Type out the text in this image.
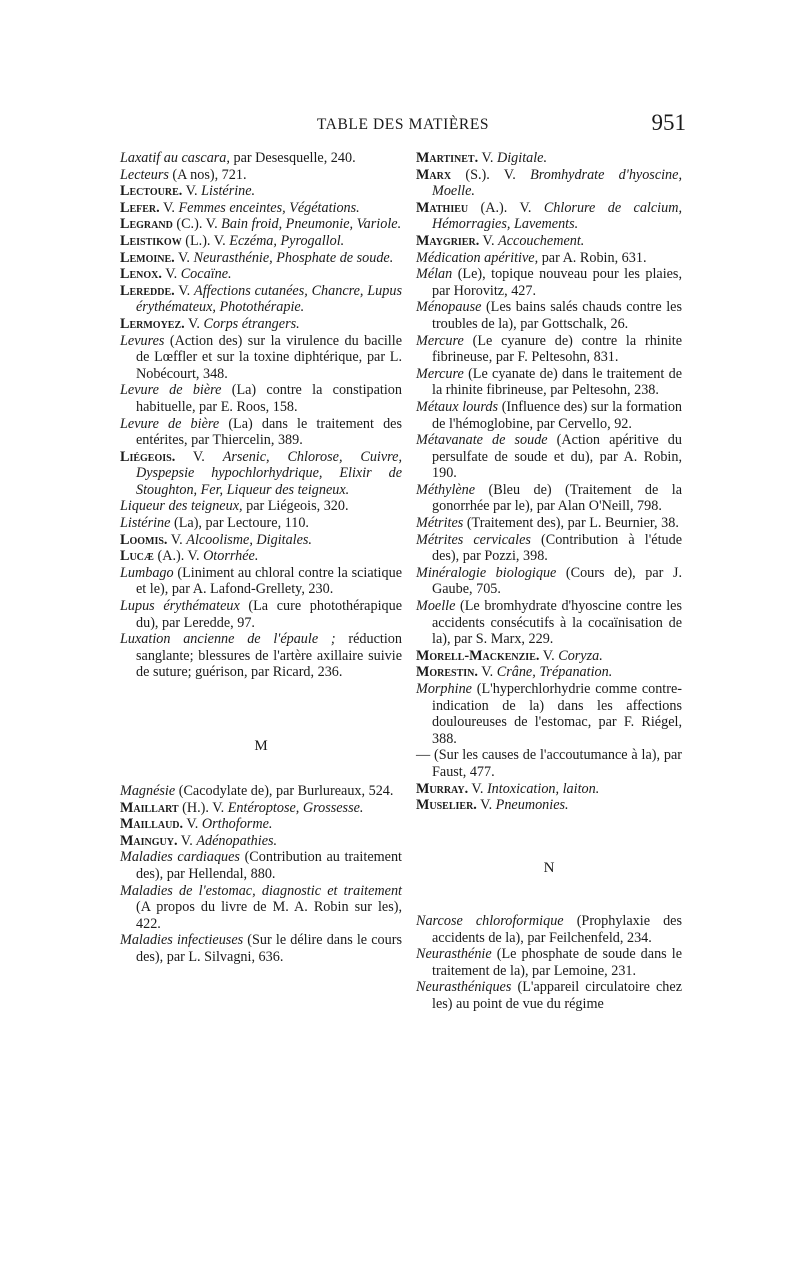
TABLE DES MATIÈRES	951

Laxatif au cascara, par Desesquelle, 240.

Lecteurs (A nos), 721.

Lectoure. V. Listérine.

Lefer. V. Femmes enceintes, Végétations.

Legrand (C.). V. Bain froid, Pneumonie, Variole.

Leistikow (L.). V. Eczéma, Pyrogallol.

Lemoine. V. Neurasthénie, Phosphate de soude.

Lenox. V. Cocaïne.

Leredde. V. Affections cutanées, Chancre, Lupus érythémateux, Photothérapie.

Lermoyez. V. Corps étrangers.

Levures (Action des) sur la virulence du bacille de Lœffler et sur la toxine diphtérique, par L. Nobécourt, 348.

Levure de bière (La) contre la constipation habituelle, par E. Roos, 158.

Levure de bière (La) dans le traitement des entérites, par Thiercelin, 389.

Liégeois. V. Arsenic, Chlorose, Cuivre, Dyspepsie hypochlorhydrique, Elixir de Stoughton, Fer, Liqueur des teigneux.

Liqueur des teigneux, par Liégeois, 320.

Listérine (La), par Lectoure, 110.

Loomis. V. Alcoolisme, Digitales.

Lucæ (A.). V. Otorrhée.

Lumbago (Liniment au chloral contre la sciatique et le), par A. Lafond-Grellety, 230.

Lupus érythémateux (La cure photothérapique du), par Leredde, 97.

Luxation ancienne de l'épaule ; réduction sanglante; blessures de l'artère axillaire suivie de suture; guérison, par Ricard, 236.

M

Magnésie (Cacodylate de), par Burlureaux, 524.

Maillart (H.). V. Entéroptose, Grossesse.

Maillaud. V. Orthoforme.

Mainguy. V. Adénopathies.

Maladies cardiaques (Contribution au traitement des), par Hellendal, 880.

Maladies de l'estomac, diagnostic et traitement (A propos du livre de M. A. Robin sur les), 422.

Maladies infectieuses (Sur le délire dans le cours des), par L. Silvagni, 636.

Martinet. V. Digitale.

Marx (S.). V. Bromhydrate d'hyoscine, Moelle.

Mathieu (A.). V. Chlorure de calcium, Hémorragies, Lavements.

Maygrier. V. Accouchement.

Médication apéritive, par A. Robin, 631.

Mélan (Le), topique nouveau pour les plaies, par Horovitz, 427.

Ménopause (Les bains salés chauds contre les troubles de la), par Gottschalk, 26.

Mercure (Le cyanure de) contre la rhinite fibrineuse, par F. Peltesohn, 831.

Mercure (Le cyanate de) dans le traitement de la rhinite fibrineuse, par Peltesohn, 238.

Métaux lourds (Influence des) sur la formation de l'hémoglobine, par Cervello, 92.

Métavanate de soude (Action apéritive du persulfate de soude et du), par A. Robin, 190.

Méthylène (Bleu de) (Traitement de la gonorrhée par le), par Alan O'Neill, 798.

Métrites (Traitement des), par L. Beurnier, 38.

Métrites cervicales (Contribution à l'étude des), par Pozzi, 398.

Minéralogie biologique (Cours de), par J. Gaube, 705.

Moelle (Le bromhydrate d'hyoscine contre les accidents consécutifs à la cocaïnisation de la), par S. Marx, 229.

Morell-Mackenzie. V. Coryza.

Morestin. V. Crâne, Trépanation.

Morphine (L'hyperchlorhydrie comme contre-indication de la) dans les affections douloureuses de l'estomac, par F. Riégel, 388.

— (Sur les causes de l'accoutumance à la), par Faust, 477.

Murray. V. Intoxication, laiton.

Muselier. V. Pneumonies.

N

Narcose chloroformique (Prophylaxie des accidents de la), par Feilchenfeld, 234.

Neurasthénie (Le phosphate de soude dans le traitement de la), par Lemoine, 231.

Neurasthéniques (L'appareil circulatoire chez les) au point de vue du régime
